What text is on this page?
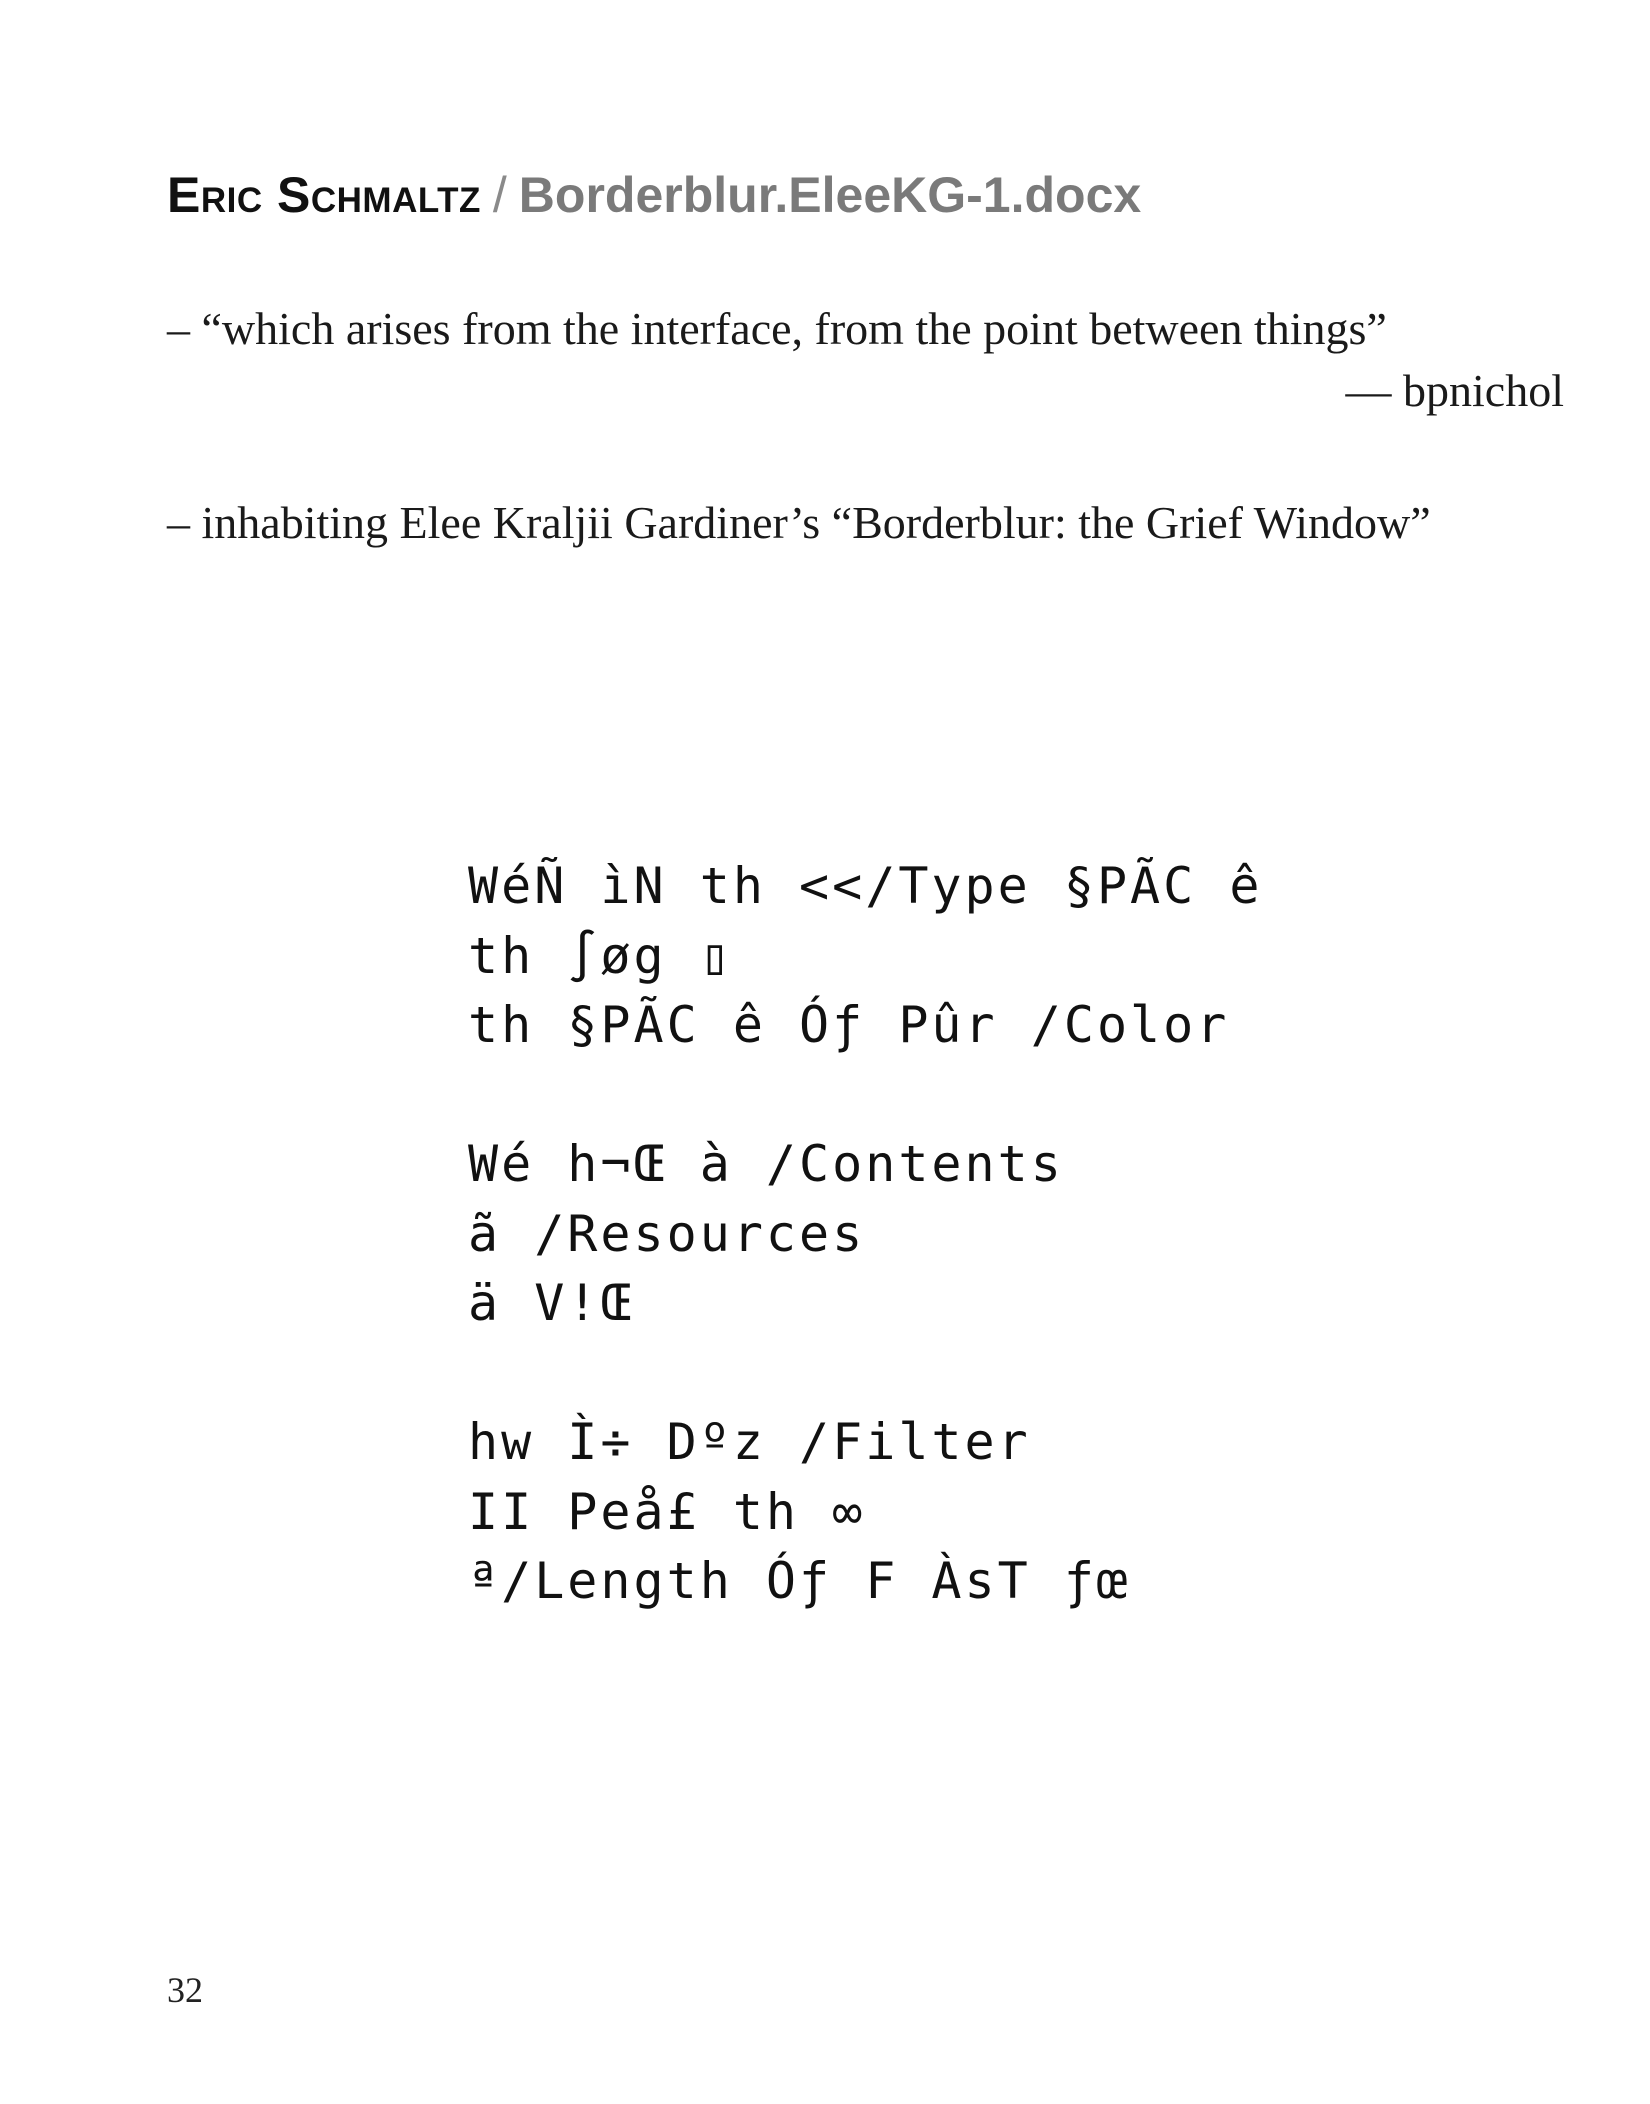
Eric Schmaltz / Borderblur.EleeKG-1.docx
– “which arises from the interface, from the point between things”
— bpnichol
– inhabiting Elee Kraljii Gardiner’s “Borderblur: the Grief Window”
WéÑ ìN th <</Type §PÃC ê
th ∫øg ▯
th §PÃC ê Óƒ Pûr /Color
Wé h¬Œ à /Contents
ã /Resources
ä V!Œ
hw Ì÷ Dºz /Filter
II Peå£ th ∞
ª/Length Óƒ F ÀsT ƒœ
32
